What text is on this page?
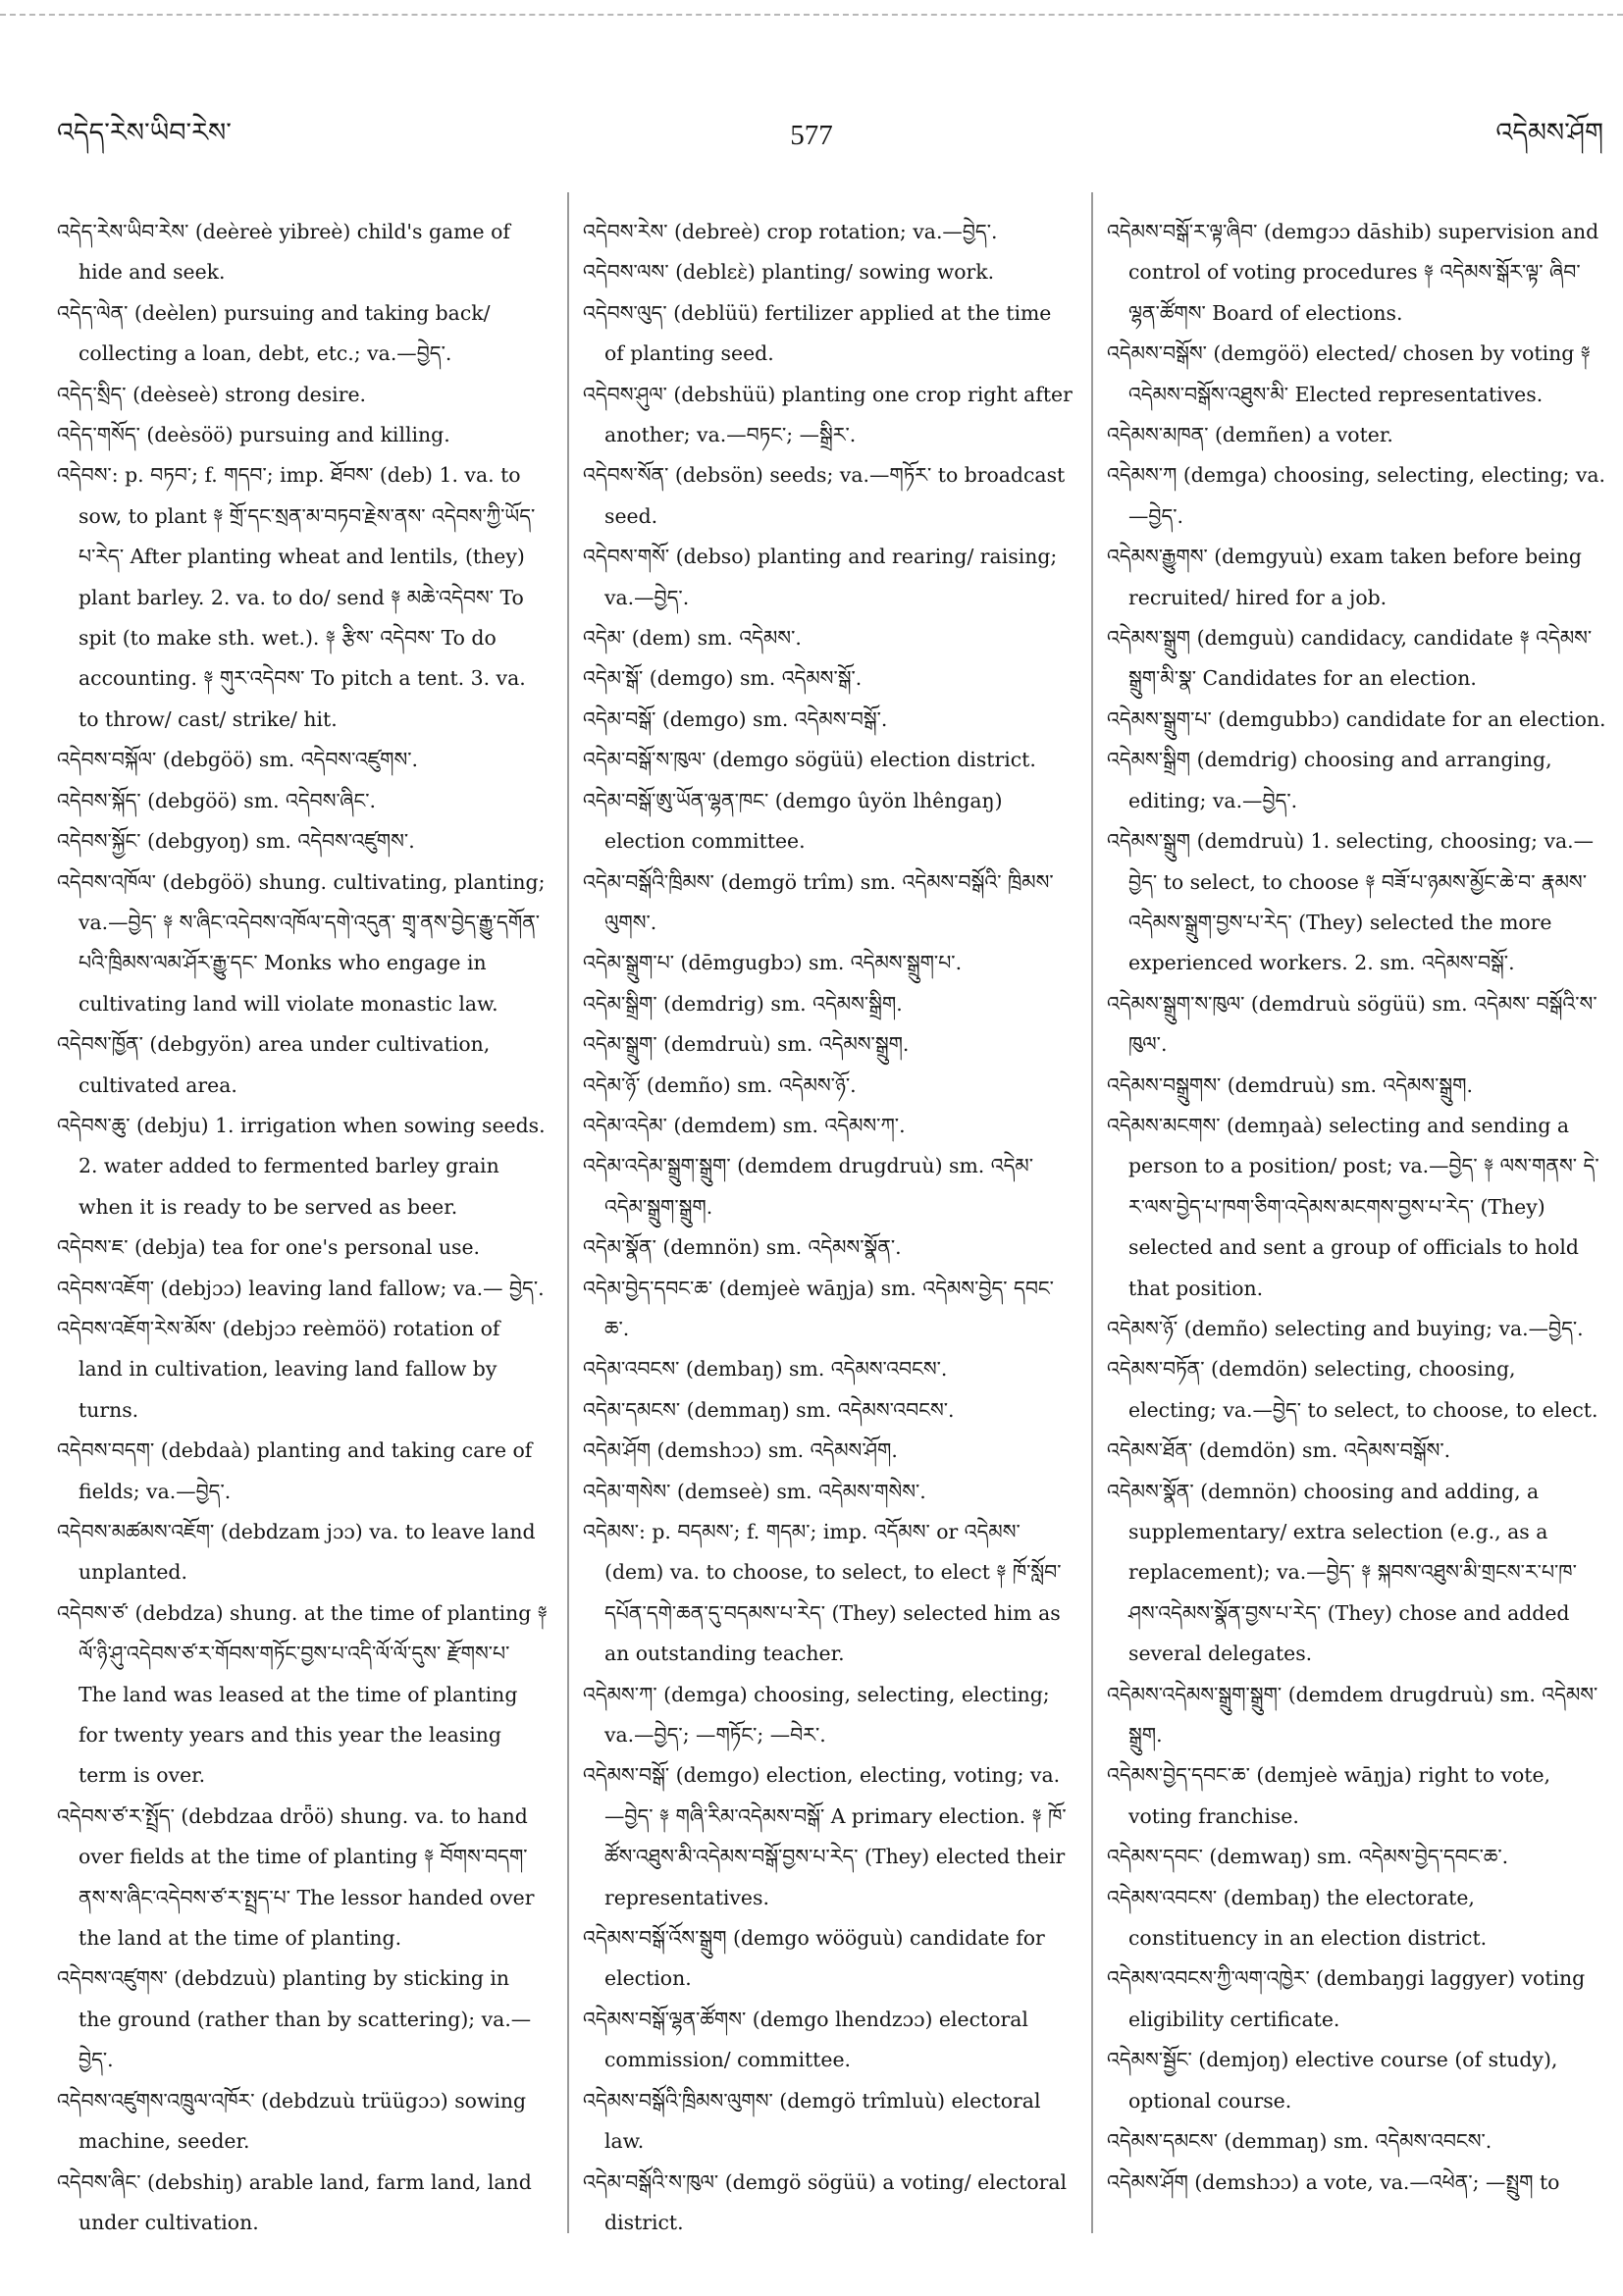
འདེད་རེས་ཡིབ་རེས་	577	འདེམས་ཤོག

འདེད་རེས་ཡིབ་རེས་ (deèreè yibreè) child's game of hide and seek.

འདེད་ལེན་ (deèlen) pursuing and taking back/ collecting a loan, debt, etc.; va.—བྱེད་.

འདེད་སྲིད་ (deèseè) strong desire.

འདེད་གསོད་ (deèsöö) pursuing and killing.

འདེབས་: p. བཏབ་; f. གདབ་; imp. ཐོབས་ (deb) 1. va. to sow, to plant ༈ གྲོ་དང་སྲན་མ་བཏབ་རྗེས་ནས་ འདེབས་ཀྱི་ཡོད་པ་རེད་ After planting wheat and lentils, (they) plant barley. 2. va. to do/ send ༈ མཆེ་འདེབས་ To spit (to make sth. wet.). ༈ རྩིས་ འདེབས་ To do accounting. ༈ གུར་འདེབས་ To pitch a tent. 3. va. to throw/ cast/ strike/ hit.

འདེབས་བསྐོལ་ (debgöö) sm. འདེབས་འཛུགས་.

འདེབས་སྐོད་ (debgöö) sm. འདེབས་ཞིང་.

འདེབས་སྐྱོང་ (debgyoŋ) sm. འདེབས་འཛུགས་.

འདེབས་འཁོལ་ (debgöö) shung. cultivating, planting; va.—བྱེད་ ༈ ས་ཞིང་འདེབས་འཁོལ་དགེ་འདུན་ གྲྭ་ནས་བྱེད་རྒྱུ་དགོན་པའི་ཁྲིམས་ལམ་ཤོར་རྒྱུ་དང་ Monks who engage in cultivating land will violate monastic law.

འདེབས་ཁྱོན་ (debgyön) area under cultivation, cultivated area.

འདེབས་ཆུ་ (debju) 1. irrigation when sowing seeds. 2. water added to fermented barley grain when it is ready to be served as beer.

འདེབས་ཇ་ (debja) tea for one's personal use.

འདེབས་འཇོག་ (debjɔɔ) leaving land fallow; va.— བྱེད་.

འདེབས་འཇོག་རེས་མོས་ (debjɔɔ reèmöö) rotation of land in cultivation, leaving land fallow by turns.

འདེབས་བདག་ (debdaà) planting and taking care of fields; va.—བྱེད་.

འདེབས་མཚམས་འཇོག་ (debdzam jɔɔ) va. to leave land unplanted.

འདེབས་ཙ་ (debdza) shung. at the time of planting ༈ ལོ་ཉི་ཤུ་འདེབས་ཙ་ར་གོབས་གཏོང་བྱས་པ་འདི་ལོ་ལོ་དུས་ རྫོགས་པ་ The land was leased at the time of planting for twenty years and this year the leasing term is over.

འདེབས་ཙ་ར་སྤྲོད་ (debdzaa drȫö) shung. va. to hand over fields at the time of planting ༈ བོགས་བདག་ ནས་ས་ཞིང་འདེབས་ཙ་ར་སྤྲད་པ་ The lessor handed over the land at the time of planting.

འདེབས་འཛུགས་ (debdzuù) planting by sticking in the ground (rather than by scattering); va.—བྱེད་.

འདེབས་འཛུགས་འཁྲུལ་འཁོར་ (debdzuù trüügɔɔ) sowing machine, seeder.

འདེབས་ཞིང་ (debshiŋ) arable land, farm land, land under cultivation.

འདེབས་རེས་ (debreè) crop rotation; va.—བྱེད་.

འདེབས་ལས་ (deblɛɛ̀) planting/ sowing work.

འདེབས་ལུད་ (deblüü) fertilizer applied at the time of planting seed.

འདེབས་ཤུལ་ (debshüü) planting one crop right after another; va.—བཏང་; —སྒྲིར་.

འདེབས་སོན་ (debsön) seeds; va.—གཏོར་ to broadcast seed.

འདེབས་གསོ་ (debso) planting and rearing/ raising; va.—བྱེད་.

འདེམ་ (dem) sm. འདེམས་.

འདེམ་སྒོ་ (demgo) sm. འདེམས་སྒོ་.

འདེམ་བསྒོ་ (demgo) sm. འདེམས་བསྒོ་.

འདེམ་བསྒོ་ས་ཁུལ་ (demgo sögüü) election district.

འདེམ་བསྒོ་ཨུ་ཡོན་ལྷན་ཁང་ (demgo ûyön lhêngaŋ) election committee.

འདེམ་བསྒོའི་ཁྲིམས་ (demgö trîm) sm. འདེམས་བསྒོའི་ ཁྲིམས་ལུགས་.

འདེམ་སྒྲུག་པ་ (dēmgugbɔ) sm. འདེམས་སྒྲུག་པ་.

འདེམ་སྒྲིག་ (demdrig) sm. འདེམས་སྒྲིག.

འདེམ་སྒྲུག་ (demdruù) sm. འདེམས་སྒྲུག.

འདེམ་ཉོ་ (demño) sm. འདེམས་ཉོ་.

འདེམ་འདེམ་ (demdem) sm. འདེམས་ཀ་.

འདེམ་འདེམ་སྒྲུག་སྒྲུག་ (demdem drugdruù) sm. འདེམ་འདེམ་སྒྲུག་སྒྲུག.

འདེམ་སྣོན་ (demnön) sm. འདེམས་སྣོན་.

འདེམ་བྱེད་དབང་ཆ་ (demjeè wāŋja) sm. འདེམས་བྱེད་ དབང་ཆ་.

འདེམ་འབངས་ (dembaŋ) sm. འདེམས་འབངས་.

འདེམ་དམངས་ (demmaŋ) sm. འདེམས་འབངས་.

འདེམ་ཤོག (demshɔɔ) sm. འདེམས་ཤོག.

འདེམ་གསེས་ (demseè) sm. འདེམས་གསེས་.

འདེམས་: p. བདམས་; f. གདམ་; imp. འདོམས་ or འདེམས་ (dem) va. to choose, to select, to elect ༈ ཁོ་སློབ་དཔོན་དགེ་ཆན་དུ་བདམས་པ་རེད་ (They) selected him as an outstanding teacher.

འདེམས་ཀ་ (demga) choosing, selecting, electing; va.—བྱེད་; —གཏོང་; —བེར་.

འདེམས་བསྒོ་ (demgo) election, electing, voting; va.—བྱེད་ ༈ གཞི་རིམ་འདེམས་བསྒོ་ A primary election. ༈ ཁོ་ཚོས་འཐུས་མི་འདེམས་བསྒོ་བྱས་པ་རེད་ (They) elected their representatives.

འདེམས་བསྒོ་འོས་སྒྲུག (demgo wööguù) candidate for election.

འདེམས་བསྒོ་ལྷན་ཚོགས་ (demgo lhendzɔɔ) electoral commission/ committee.

འདེམས་བསྒོའི་ཁྲིམས་ལུགས་ (demgö trîmluù) electoral law.

འདེམ་བསྒོའི་ས་ཁུལ་ (demgö sögüü) a voting/ electoral district.

འདེམས་བསྒོ་ར་ལྟ་ཞིབ་ (demgɔɔ dāshib) supervision and control of voting procedures ༈ འདེམས་སྒོར་ལྟ་ ཞིབ་ལྷན་ཚོགས་ Board of elections.

འདེམས་བསྒོས་ (demgöö) elected/ chosen by voting ༈ འདེམས་བསྒོས་འཐུས་མི་ Elected representatives.

འདེམས་མཁན་ (demñen) a voter.

འདེམས་ཀ (demga) choosing, selecting, electing; va.—བྱེད་.

འདེམས་རྒྱུགས་ (demgyuù) exam taken before being recruited/ hired for a job.

འདེམས་སྒྲུག (demguù) candidacy, candidate ༈ འདེམས་སྒྲུག་མི་སྣ་ Candidates for an election.

འདེམས་སྒྲུག་པ་ (demgubbɔ) candidate for an election.

འདེམས་སྒྲིག (demdrig) choosing and arranging, editing; va.—བྱེད་.

འདེམས་སྒྲུག (demdruù) 1. selecting, choosing; va.— བྱེད་ to select, to choose ༈ བཟོ་པ་ཉམས་མྱོང་ཆེ་བ་ རྣམས་འདེམས་སྒྲུག་བྱས་པ་རེད་ (They) selected the more experienced workers. 2. sm. འདེམས་བསྒོ་.

འདེམས་སྒྲུག་ས་ཁུལ་ (demdruù sögüü) sm. འདེམས་ བསྒོའི་ས་ཁུལ་.

འདེམས་བསྒྲུགས་ (demdruù) sm. འདེམས་སྒྲུག.

འདེམས་མངགས་ (demŋaà) selecting and sending a person to a position/ post; va.—བྱེད་ ༈ ལས་གནས་ དེ་ར་ལས་བྱེད་པ་ཁག་ཅིག་འདེམས་མངགས་བྱས་པ་རེད་ (They) selected and sent a group of officials to hold that position.

འདེམས་ཉོ་ (demño) selecting and buying; va.—བྱེད་.

འདེམས་བཏོན་ (demdön) selecting, choosing, electing; va.—བྱེད་ to select, to choose, to elect.

འདེམས་ཐོན་ (demdön) sm. འདེམས་བསྒོས་.

འདེམས་སྣོན་ (demnön) choosing and adding, a supplementary/ extra selection (e.g., as a replacement); va.—བྱེད་ ༈ སྐབས་འཐུས་མི་གྲངས་ར་པ་ཁ་ ཤས་འདེམས་སྣོན་བྱས་པ་རེད་ (They) chose and added several delegates.

འདེམས་འདེམས་སྒྲུག་སྒྲུག་ (demdem drugdruù) sm. འདེམས་སྒྲུག.

འདེམས་བྱེད་དབང་ཆ་ (demjeè wāŋja) right to vote, voting franchise.

འདེམས་དབང་ (demwaŋ) sm. འདེམས་བྱེད་དབང་ཆ་.

འདེམས་འབངས་ (dembaŋ) the electorate, constituency in an election district.

འདེམས་འབངས་ཀྱི་ལག་འཁྱེར་ (dembaŋgi laggyer) voting eligibility certificate.

འདེམས་སྦྱོང་ (demjoŋ) elective course (of study), optional course.

འདེམས་དམངས་ (demmaŋ) sm. འདེམས་འབངས་.

འདེམས་ཤོག (demshɔɔ) a vote, va.—འཕེན་; —སྤྲུག to
